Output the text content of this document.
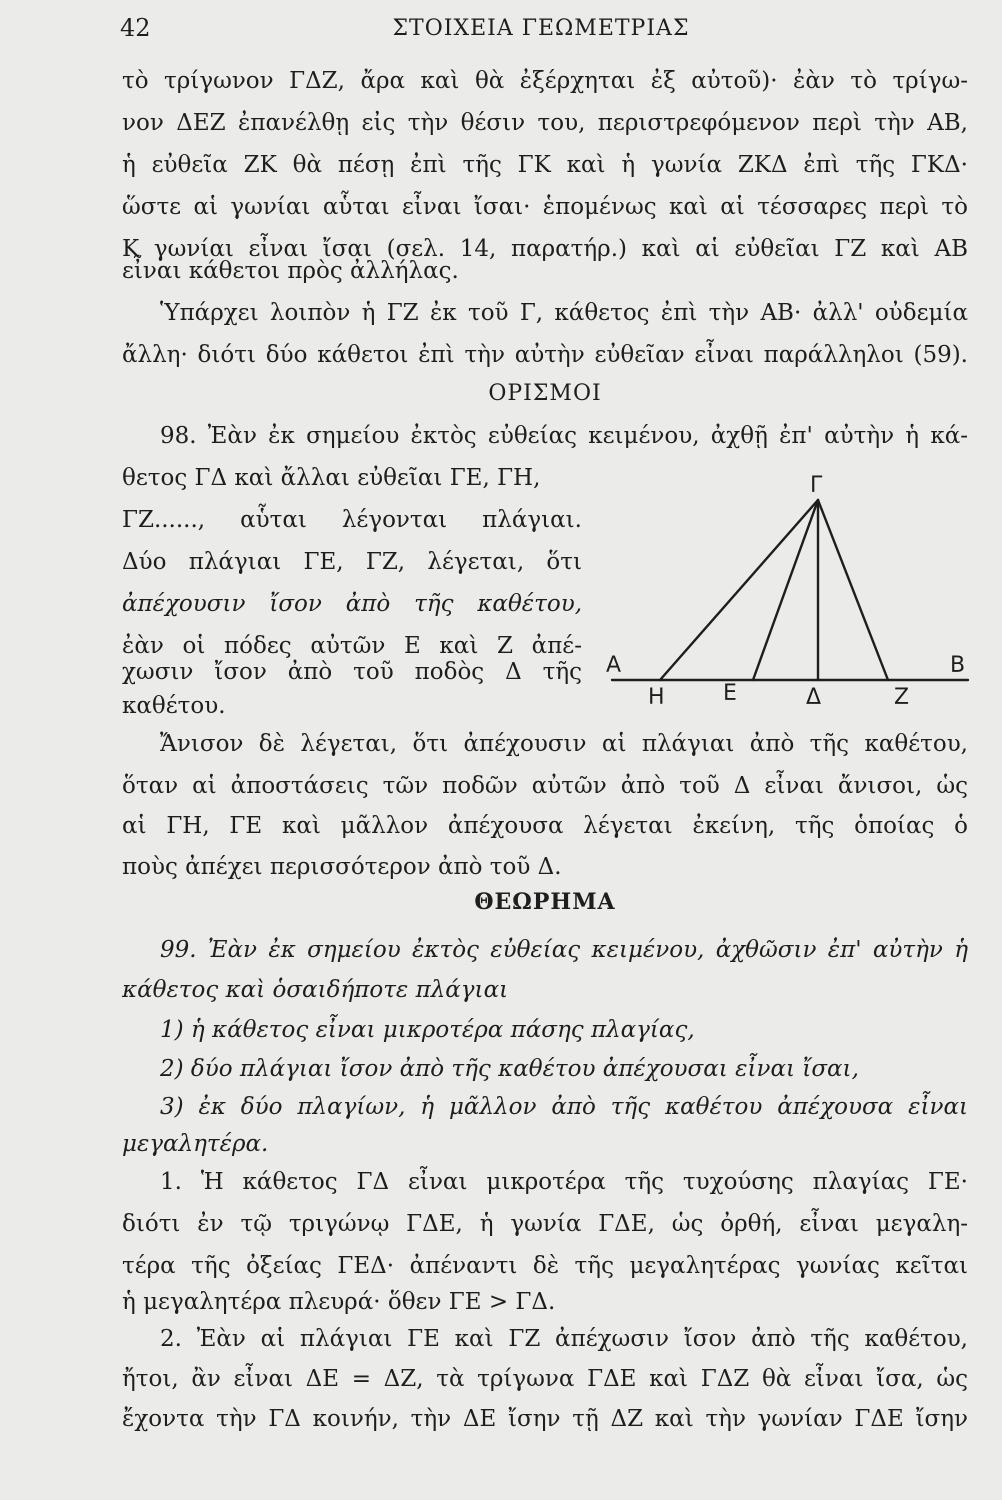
42	ΣΤΟΙΧΕΙΑ ΓΕΩΜΕΤΡΙΑΣ
τὸ τρίγωνον ΓΔΖ, ἄρα καὶ θὰ ἐξέρχηται ἐξ αὐτοῦ)· ἐὰν τὸ τρίγω-
νον ΔΕΖ ἐπανέλθῃ εἰς τὴν θέσιν του, περιστρεφόμενον περὶ τὴν ΑΒ,
ἡ εὐθεῖα ΖΚ θὰ πέσῃ ἐπὶ τῆς ΓΚ καὶ ἡ γωνία ΖΚΔ ἐπὶ τῆς ΓΚΔ·
ὥστε αἱ γωνίαι αὗται εἶναι ἴσαι· ἑπομένως καὶ αἱ τέσσαρες περὶ τὸ
Κ γωνίαι εἶναι ἴσαι (σελ. 14, παρατήρ.) καὶ αἱ εὐθεῖαι ΓΖ καὶ ΑΒ
εἶναι κάθετοι πρὸς ἀλλήλας.
Ὑπάρχει λοιπὸν ἡ ΓΖ ἐκ τοῦ Γ, κάθετος ἐπὶ τὴν ΑΒ· ἀλλ' οὐδεμία
ἄλλη· διότι δύο κάθετοι ἐπὶ τὴν αὐτὴν εὐθεῖαν εἶναι παράλληλοι (59).
ΟΡΙΣΜΟΙ
98. Ἐὰν ἐκ σημείου ἐκτὸς εὐθείας κειμένου, ἀχθῇ ἐπ' αὐτὴν ἡ κά-
θετος ΓΔ καὶ ἄλλαι εὐθεῖαι ΓΕ, ΓΗ,
ΓΖ......, αὗται λέγονται πλάγιαι.
Δύο πλάγιαι ΓΕ, ΓΖ, λέγεται, ὅτι
ἀπέχουσιν ἴσον ἀπὸ τῆς καθέτου,
ἐὰν οἱ πόδες αὐτῶν Ε καὶ Ζ ἀπέ-
χωσιν ἴσον ἀπὸ τοῦ ποδὸς Δ τῆς
καθέτου.
Ἄνισον δὲ λέγεται, ὅτι ἀπέχουσιν αἱ πλάγιαι ἀπὸ τῆς καθέτου,
ὅταν αἱ ἀποστάσεις τῶν ποδῶν αὐτῶν ἀπὸ τοῦ Δ εἶναι ἄνισοι, ὡς
αἱ ΓΗ, ΓΕ καὶ μᾶλλον ἀπέχουσα λέγεται ἐκείνη, τῆς ὁποίας ὁ
ποὺς ἀπέχει περισσότερον ἀπὸ τοῦ Δ.
ΘΕΩΡΗΜΑ
99. Ἐὰν ἐκ σημείου ἐκτὸς εὐθείας κειμένου, ἀχθῶσιν ἐπ' αὐτὴν ἡ
κάθετος καὶ ὁσαιδήποτε πλάγιαι
1) ἡ κάθετος εἶναι μικροτέρα πάσης πλαγίας,
2) δύο πλάγιαι ἴσον ἀπὸ τῆς καθέτου ἀπέχουσαι εἶναι ἴσαι,
3) ἐκ δύο πλαγίων, ἡ μᾶλλον ἀπὸ τῆς καθέτου ἀπέχουσα εἶναι
μεγαλητέρα.
1. Ἡ κάθετος ΓΔ εἶναι μικροτέρα τῆς τυχούσης πλαγίας ΓΕ·
διότι ἐν τῷ τριγώνῳ ΓΔΕ, ἡ γωνία ΓΔΕ, ὡς ὀρθή, εἶναι μεγαλη-
τέρα τῆς ὀξείας ΓΕΔ· ἀπέναντι δὲ τῆς μεγαλητέρας γωνίας κεῖται
ἡ μεγαλητέρα πλευρά· ὅθεν ΓΕ > ΓΔ.
2. Ἐὰν αἱ πλάγιαι ΓΕ καὶ ΓΖ ἀπέχωσιν ἴσον ἀπὸ τῆς καθέτου,
ἤτοι, ἂν εἶναι ΔΕ = ΔΖ, τὰ τρίγωνα ΓΔΕ καὶ ΓΔΖ θὰ εἶναι ἴσα, ὡς
ἔχοντα τὴν ΓΔ κοινήν, τὴν ΔΕ ἴσην τῇ ΔΖ καὶ τὴν γωνίαν ΓΔΕ ἴσην
Γ
Α	Β
Η	Ε	Δ	Ζ
